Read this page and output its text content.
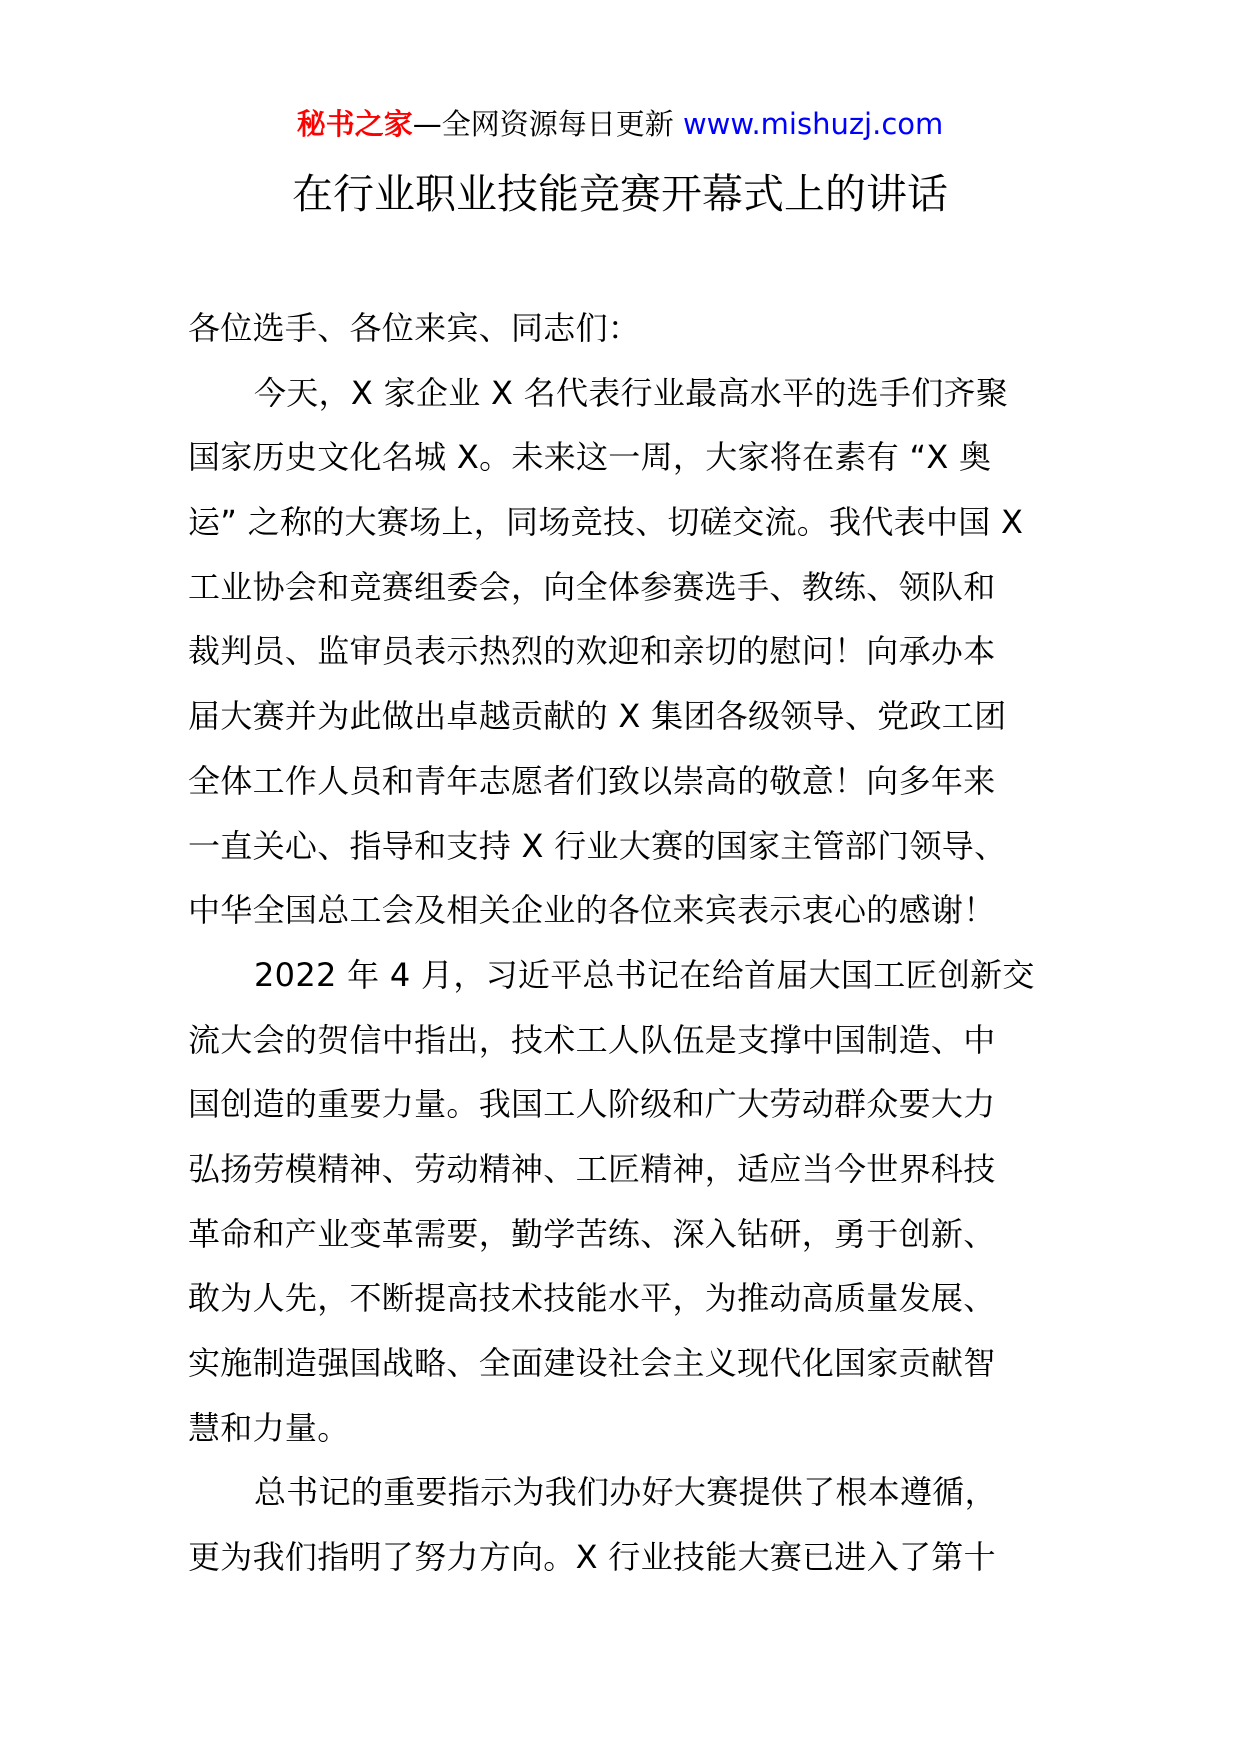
秘书之家—全网资源每日更新 www.mishuzj.com
在行业职业技能竞赛开幕式上的讲话
各位选手、各位来宾、同志们：
今天，X 家企业 X 名代表行业最高水平的选手们齐聚
国家历史文化名城 X。未来这一周，大家将在素有 “X 奥
运” 之称的大赛场上，同场竞技、切磋交流。我代表中国 X
工业协会和竞赛组委会，向全体参赛选手、教练、领队和
裁判员、监审员表示热烈的欢迎和亲切的慰问！向承办本
届大赛并为此做出卓越贡献的 X 集团各级领导、党政工团
全体工作人员和青年志愿者们致以崇高的敬意！向多年来
一直关心、指导和支持 X 行业大赛的国家主管部门领导、
中华全国总工会及相关企业的各位来宾表示衷心的感谢！
2022 年 4 月，习近平总书记在给首届大国工匠创新交
流大会的贺信中指出，技术工人队伍是支撑中国制造、中
国创造的重要力量。我国工人阶级和广大劳动群众要大力
弘扬劳模精神、劳动精神、工匠精神，适应当今世界科技
革命和产业变革需要，勤学苦练、深入钻研，勇于创新、
敢为人先，不断提高技术技能水平，为推动高质量发展、
实施制造强国战略、全面建设社会主义现代化国家贡献智
慧和力量。
总书记的重要指示为我们办好大赛提供了根本遵循，
更为我们指明了努力方向。X 行业技能大赛已进入了第十
